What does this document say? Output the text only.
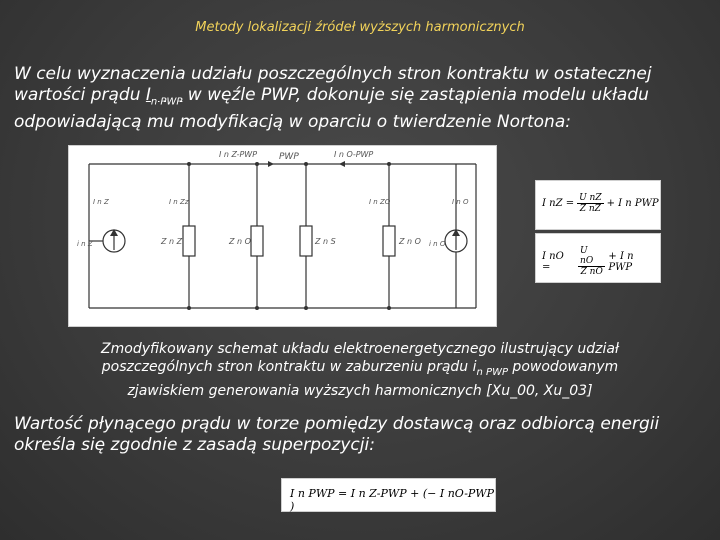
Metody lokalizacji źródeł wyższych harmonicznych
W celu wyznaczenia udziału poszczególnych stron kontraktu w ostatecznej wartości prądu $I_{n PWP}$ w węźle PWP, dokonuje się zastąpienia modelu układu odpowiadającą mu modyfikacją w oparciu o twierdzenie Nortona:
I n Z-PWP PWP	I n O-PWP
I n Z	I n Zz
i n Z	Z n Z	Z n O	Z n S	Z n O
I n ZO	I n O
i n O
I nZ = $\frac{\text{U nZ}}{\text{Z nZ}} + I$ n PWP
I nO =	$\frac{\text{U nO}}{\text{Z nO}} + I$ n PWP
Zmodyfikowany schemat układu elektroenergetycznego ilustrujący udział
poszczególnych stron kontraktu w zaburzeniu prądu $i_{n PWP}$ powodowanym
zjawiskiem generowania wyższych harmonicznych [Xu_00, Xu_03]
Wartość płynącego prądu w torze pomiędzy dostawcą oraz odbiorcą energii określa się zgodnie z zasadą superpozycji:
I n PWP = I n Z-PWP + (− I nO-PWP )
